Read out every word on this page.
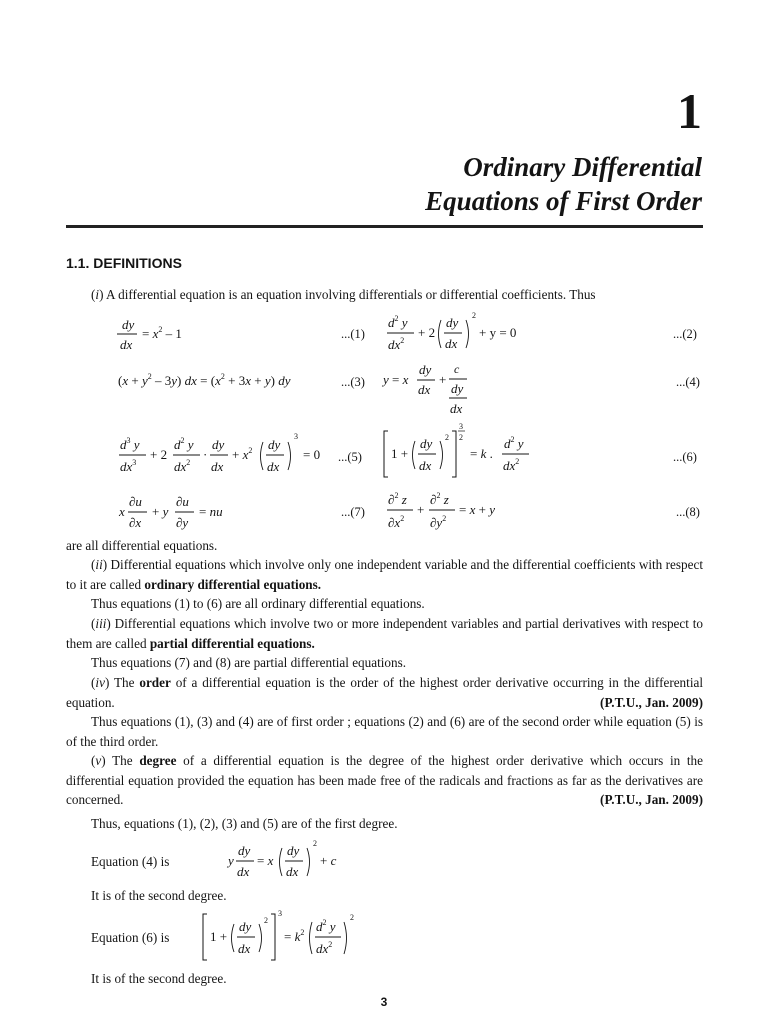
1
Ordinary Differential
Equations of First Order
1.1. DEFINITIONS
(i) A differential equation is an equation involving differentials or differential coefficients. Thus
dy
dx
= $x^2 - 1$	...(1)
$d^2$ y
$dx^2$
+ 2
dy
dx
2
+ y = 0	...(2)
$(x + y^2 - 3y)$ dx = $(x^2 + 3x + y)$ dy	...(3) y = x
dy
dx
+
c
dy
dx
...(4)
$d^3$ y
$dx^3$
+ 2
$d^2$ y
$dx^2$
·
dy
dx
+ $x^2$ dy
dx
3
= 0 ...(5) 1 +
dy
dx
2
3
2
= k .
$d^2$ y
$dx^2$	...(6)
x
∂u
∂x
+ y
∂u
∂y
= nu	...(7)
∂$^2$ z
$\partial x^2$
+
∂$^2$ z
$\partial y^2$
= x + y	...(8)
are all differential equations.
(ii) Differential equations which involve only one independent variable and the differential coefficients with respect to it are called ordinary differential equations.
Thus equations (1) to (6) are all ordinary differential equations.
(iii) Differential equations which involve two or more independent variables and partial derivatives with respect to them are called partial differential equations.
Thus equations (7) and (8) are partial differential equations.
(iv) The order of a differential equation is the order of the highest order derivative occurring in the differential equation.	(P.T.U., Jan. 2009)
Thus equations (1), (3) and (4) are of first order ; equations (2) and (6) are of the second order while equation (5) is of the third order.
(v) The degree of a differential equation is the degree of the highest order derivative which occurs in the differential equation provided the equation has been made free of the radicals and fractions as far as the derivatives are concerned.	(P.T.U., Jan. 2009)
Thus, equations (1), (2), (3) and (5) are of the first degree.
Equation (4) is	y
dy
dx
= x
dy
dx
2
+ c
It is of the second degree.
Equation (6) is	1 +
dy
dx
2
3
= $k^2$ $d^2$ y
$dx^2$
2
It is of the second degree.
3
